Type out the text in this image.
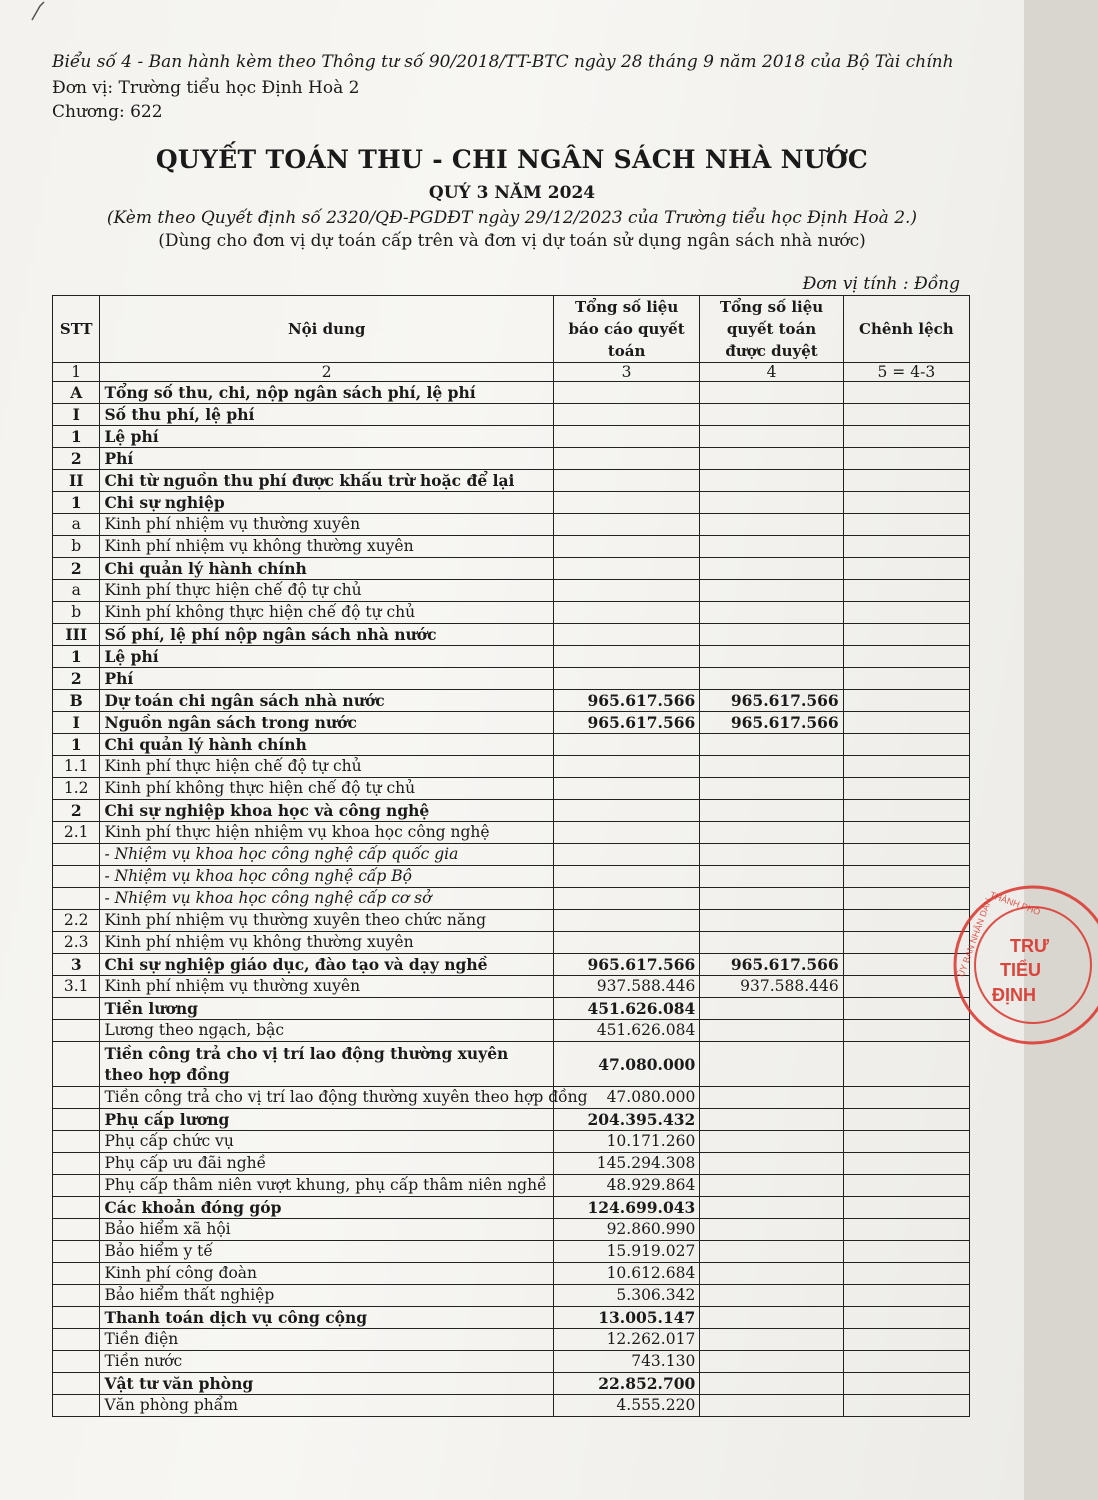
Biểu số 4 - Ban hành kèm theo Thông tư số 90/2018/TT-BTC ngày 28 tháng 9 năm 2018 của Bộ Tài chính
Đơn vị: Trường tiểu học Định Hoà 2
Chương: 622
QUYẾT TOÁN THU - CHI NGÂN SÁCH NHÀ NƯỚC
QUÝ 3 NĂM 2024
(Kèm theo Quyết định số 2320/QĐ-PGDĐT ngày 29/12/2023 của Trường tiểu học Định Hoà 2.)
(Dùng cho đơn vị dự toán cấp trên và đơn vị dự toán sử dụng ngân sách nhà nước)
Đơn vị tính : Đồng
STT	Nội dung	Tổng số liệu báo cáo quyết toán	Tổng số liệu quyết toán được duyệt	Chênh lệch
1	2	3	4	5 = 4-3
A	Tổng số thu, chi, nộp ngân sách phí, lệ phí			
I	Số thu phí, lệ phí			
1	Lệ phí			
2	Phí			
II	Chi từ nguồn thu phí được khấu trừ hoặc để lại			
1	Chi sự nghiệp			
a	Kinh phí nhiệm vụ thường xuyên			
b	Kinh phí nhiệm vụ không thường xuyên			
2	Chi quản lý hành chính			
a	Kinh phí thực hiện chế độ tự chủ			
b	Kinh phí không thực hiện chế độ tự chủ			
III	Số phí, lệ phí nộp ngân sách nhà nước			
1	Lệ phí			
2	Phí			
B	Dự toán chi ngân sách nhà nước	965.617.566	965.617.566	
I	Nguồn ngân sách trong nước	965.617.566	965.617.566	
1	Chi quản lý hành chính			
1.1	Kinh phí thực hiện chế độ tự chủ			
1.2	Kinh phí không thực hiện chế độ tự chủ			
2	Chi sự nghiệp khoa học và công nghệ			
2.1	Kinh phí thực hiện nhiệm vụ khoa học công nghệ			
	- Nhiệm vụ khoa học công nghệ cấp quốc gia			
	- Nhiệm vụ khoa học công nghệ cấp Bộ			
	- Nhiệm vụ khoa học công nghệ cấp cơ sở			
2.2	Kinh phí nhiệm vụ thường xuyên theo chức năng			
2.3	Kinh phí nhiệm vụ không thường xuyên			
3	Chi sự nghiệp giáo dục, đào tạo và dạy nghề	965.617.566	965.617.566	
3.1	Kinh phí nhiệm vụ thường xuyên	937.588.446	937.588.446	
	Tiền lương	451.626.084		
	Lương theo ngạch, bậc	451.626.084		
	Tiền công trả cho vị trí lao động thường xuyên theo hợp đồng	47.080.000		
	Tiền công trả cho vị trí lao động thường xuyên theo hợp đồng	47.080.000		
	Phụ cấp lương	204.395.432		
	Phụ cấp chức vụ	10.171.260		
	Phụ cấp ưu đãi nghề	145.294.308		
	Phụ cấp thâm niên vượt khung, phụ cấp thâm niên nghề	48.929.864		
	Các khoản đóng góp	124.699.043		
	Bảo hiểm xã hội	92.860.990		
	Bảo hiểm y tế	15.919.027		
	Kinh phí công đoàn	10.612.684		
	Bảo hiểm thất nghiệp	5.306.342		
	Thanh toán dịch vụ công cộng	13.005.147		
	Tiền điện	12.262.017		
	Tiền nước	743.130		
	Vật tư văn phòng	22.852.700		
	Văn phòng phẩm	4.555.220		
TRƯ
TIỂU
ĐỊNH
ỦY BAN NHÂN DÂN
THÀNH PHỐ
